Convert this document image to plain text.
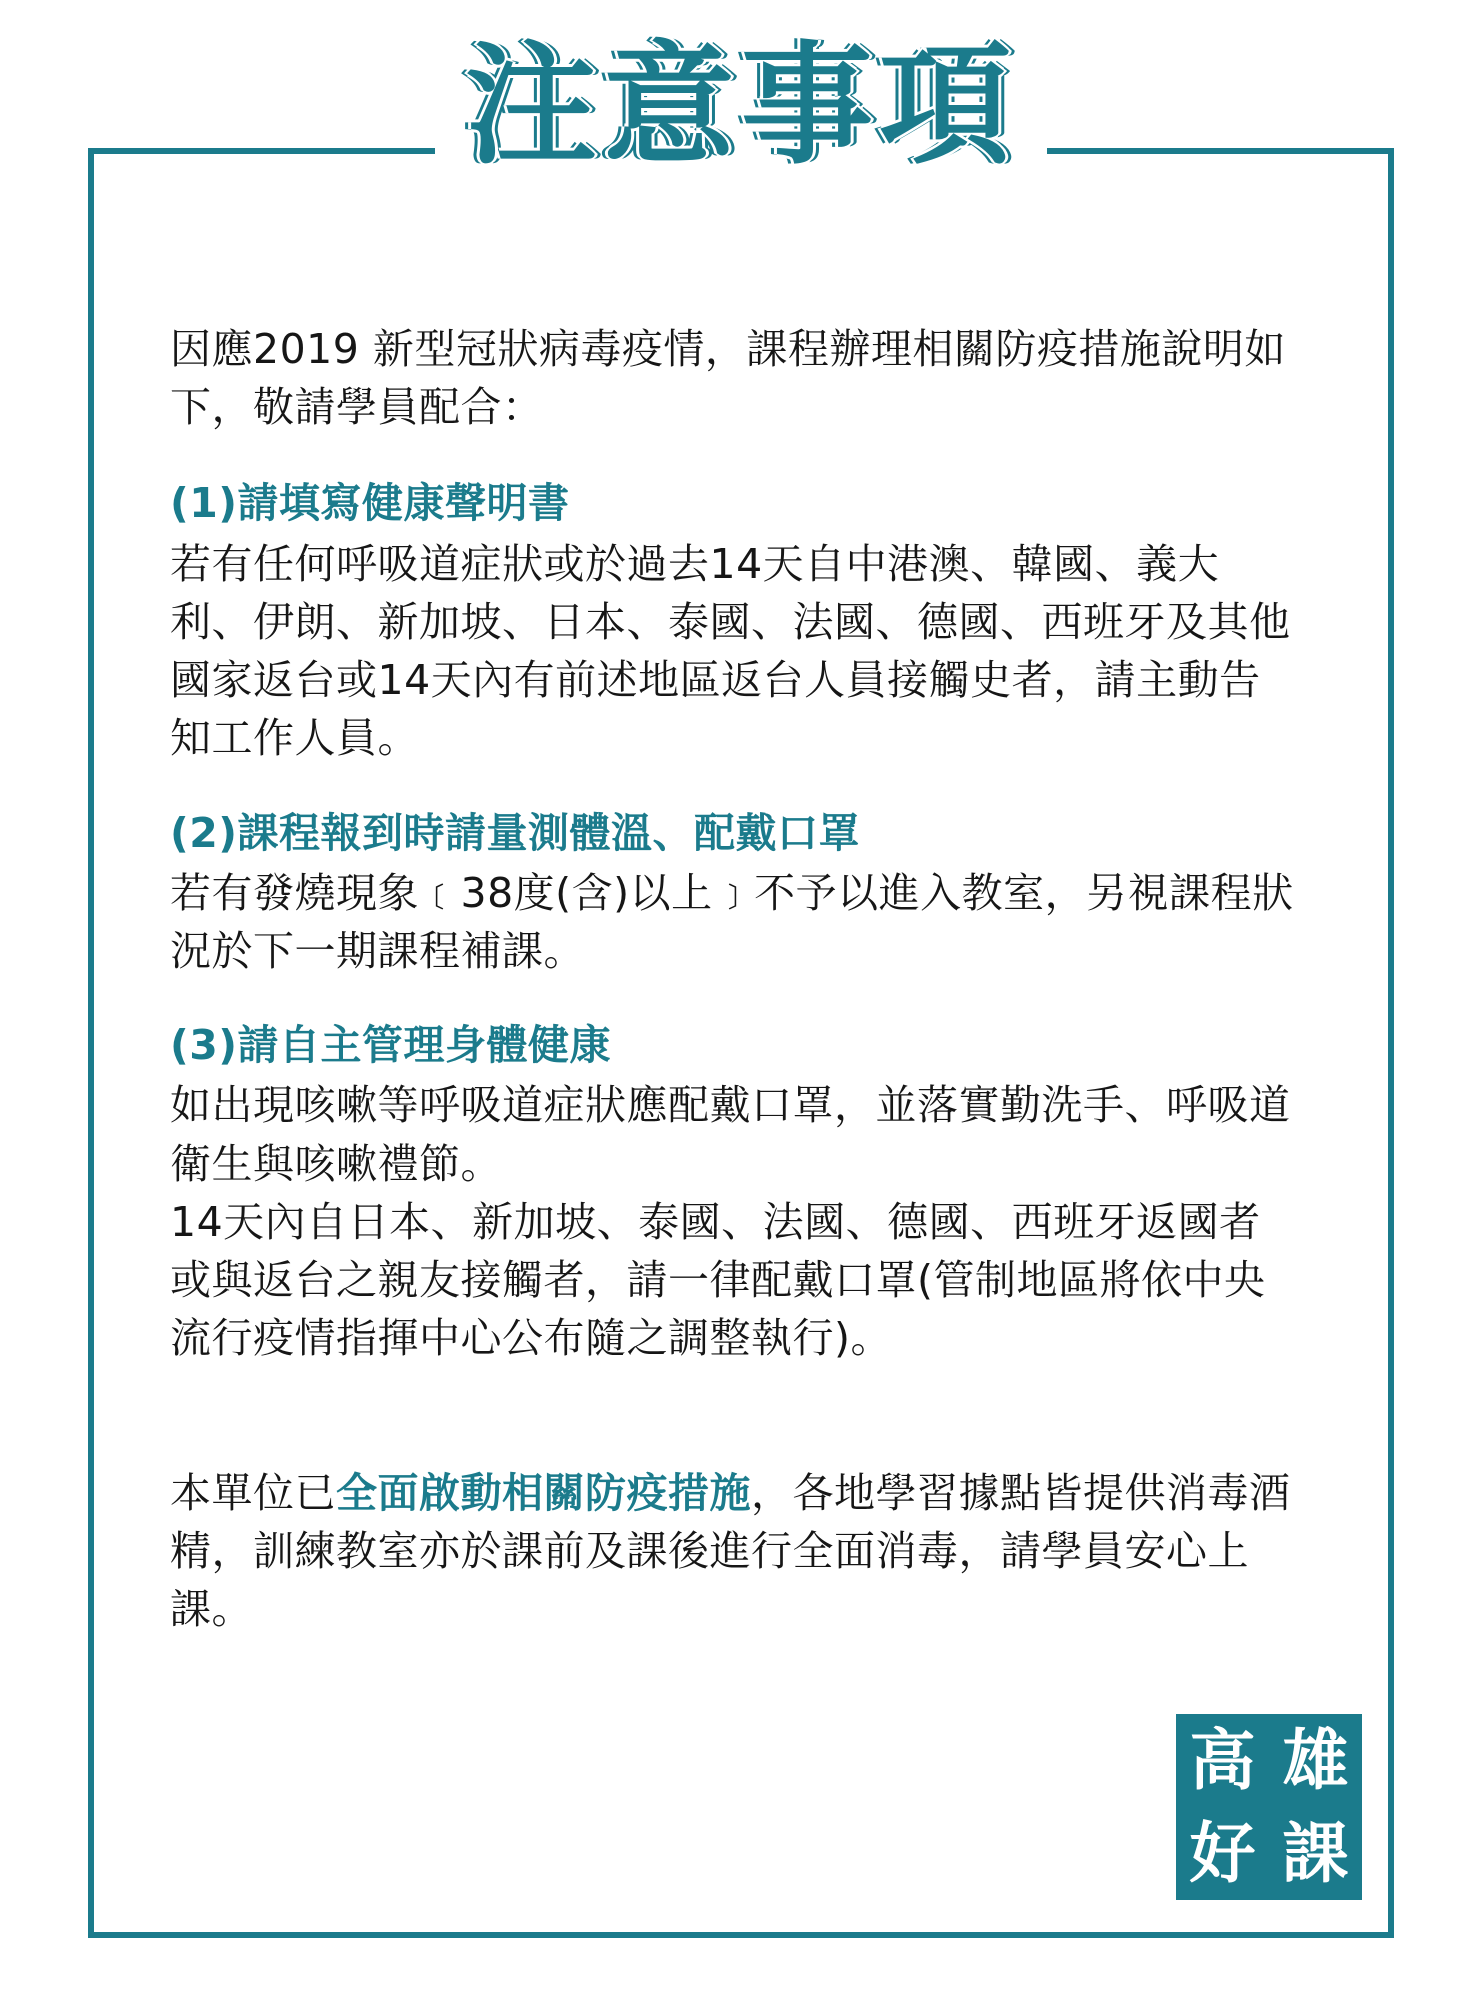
注意事項

因應2019 新型冠狀病毒疫情，課程辦理相關防疫措施說明如下，敬請學員配合：

(1)請填寫健康聲明書

若有任何呼吸道症狀或於過去14天自中港澳、韓國、義大利、伊朗、新加坡、日本、泰國、法國、德國、西班牙及其他國家返台或14天內有前述地區返台人員接觸史者，請主動告知工作人員。

(2)課程報到時請量測體溫、配戴口罩

若有發燒現象﹝38度(含)以上﹞不予以進入教室，另視課程狀況於下一期課程補課。

(3)請自主管理身體健康

如出現咳嗽等呼吸道症狀應配戴口罩，並落實勤洗手、呼吸道衛生與咳嗽禮節。

14天內自日本、新加坡、泰國、法國、德國、西班牙返國者或與返台之親友接觸者，請一律配戴口罩(管制地區將依中央流行疫情指揮中心公布隨之調整執行)。

本單位已全面啟動相關防疫措施，各地學習據點皆提供消毒酒精，訓練教室亦於課前及課後進行全面消毒，請學員安心上課。

高 雄
好 課
